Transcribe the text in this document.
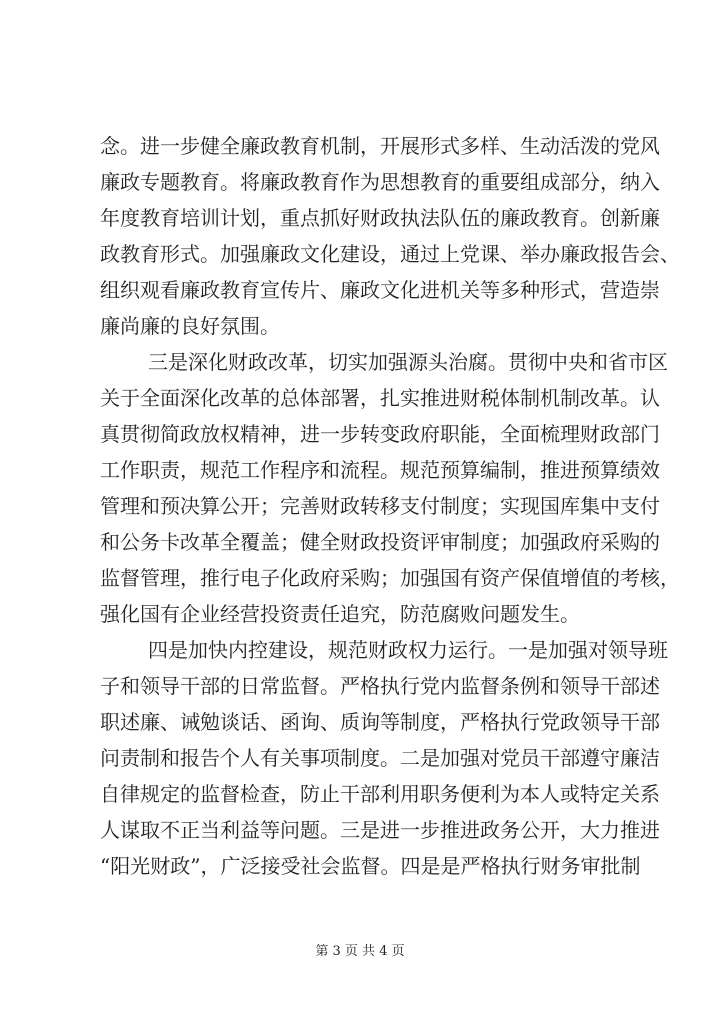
念。进一步健全廉政教育机制，开展形式多样、生动活泼的党风
廉政专题教育。将廉政教育作为思想教育的重要组成部分，纳入
年度教育培训计划，重点抓好财政执法队伍的廉政教育。创新廉
政教育形式。加强廉政文化建设，通过上党课、举办廉政报告会、
组织观看廉政教育宣传片、廉政文化进机关等多种形式，营造崇
廉尚廉的良好氛围。
三是深化财政改革，切实加强源头治腐。贯彻中央和省市区
关于全面深化改革的总体部署，扎实推进财税体制机制改革。认
真贯彻简政放权精神，进一步转变政府职能，全面梳理财政部门
工作职责，规范工作程序和流程。规范预算编制，推进预算绩效
管理和预决算公开；完善财政转移支付制度；实现国库集中支付
和公务卡改革全覆盖；健全财政投资评审制度；加强政府采购的
监督管理，推行电子化政府采购；加强国有资产保值增值的考核，
强化国有企业经营投资责任追究，防范腐败问题发生。
四是加快内控建设，规范财政权力运行。一是加强对领导班
子和领导干部的日常监督。严格执行党内监督条例和领导干部述
职述廉、诫勉谈话、函询、质询等制度，严格执行党政领导干部
问责制和报告个人有关事项制度。二是加强对党员干部遵守廉洁
自律规定的监督检查，防止干部利用职务便利为本人或特定关系
人谋取不正当利益等问题。三是进一步推进政务公开，大力推进
“阳光财政”，广泛接受社会监督。四是是严格执行财务审批制
第 3 页 共 4 页
